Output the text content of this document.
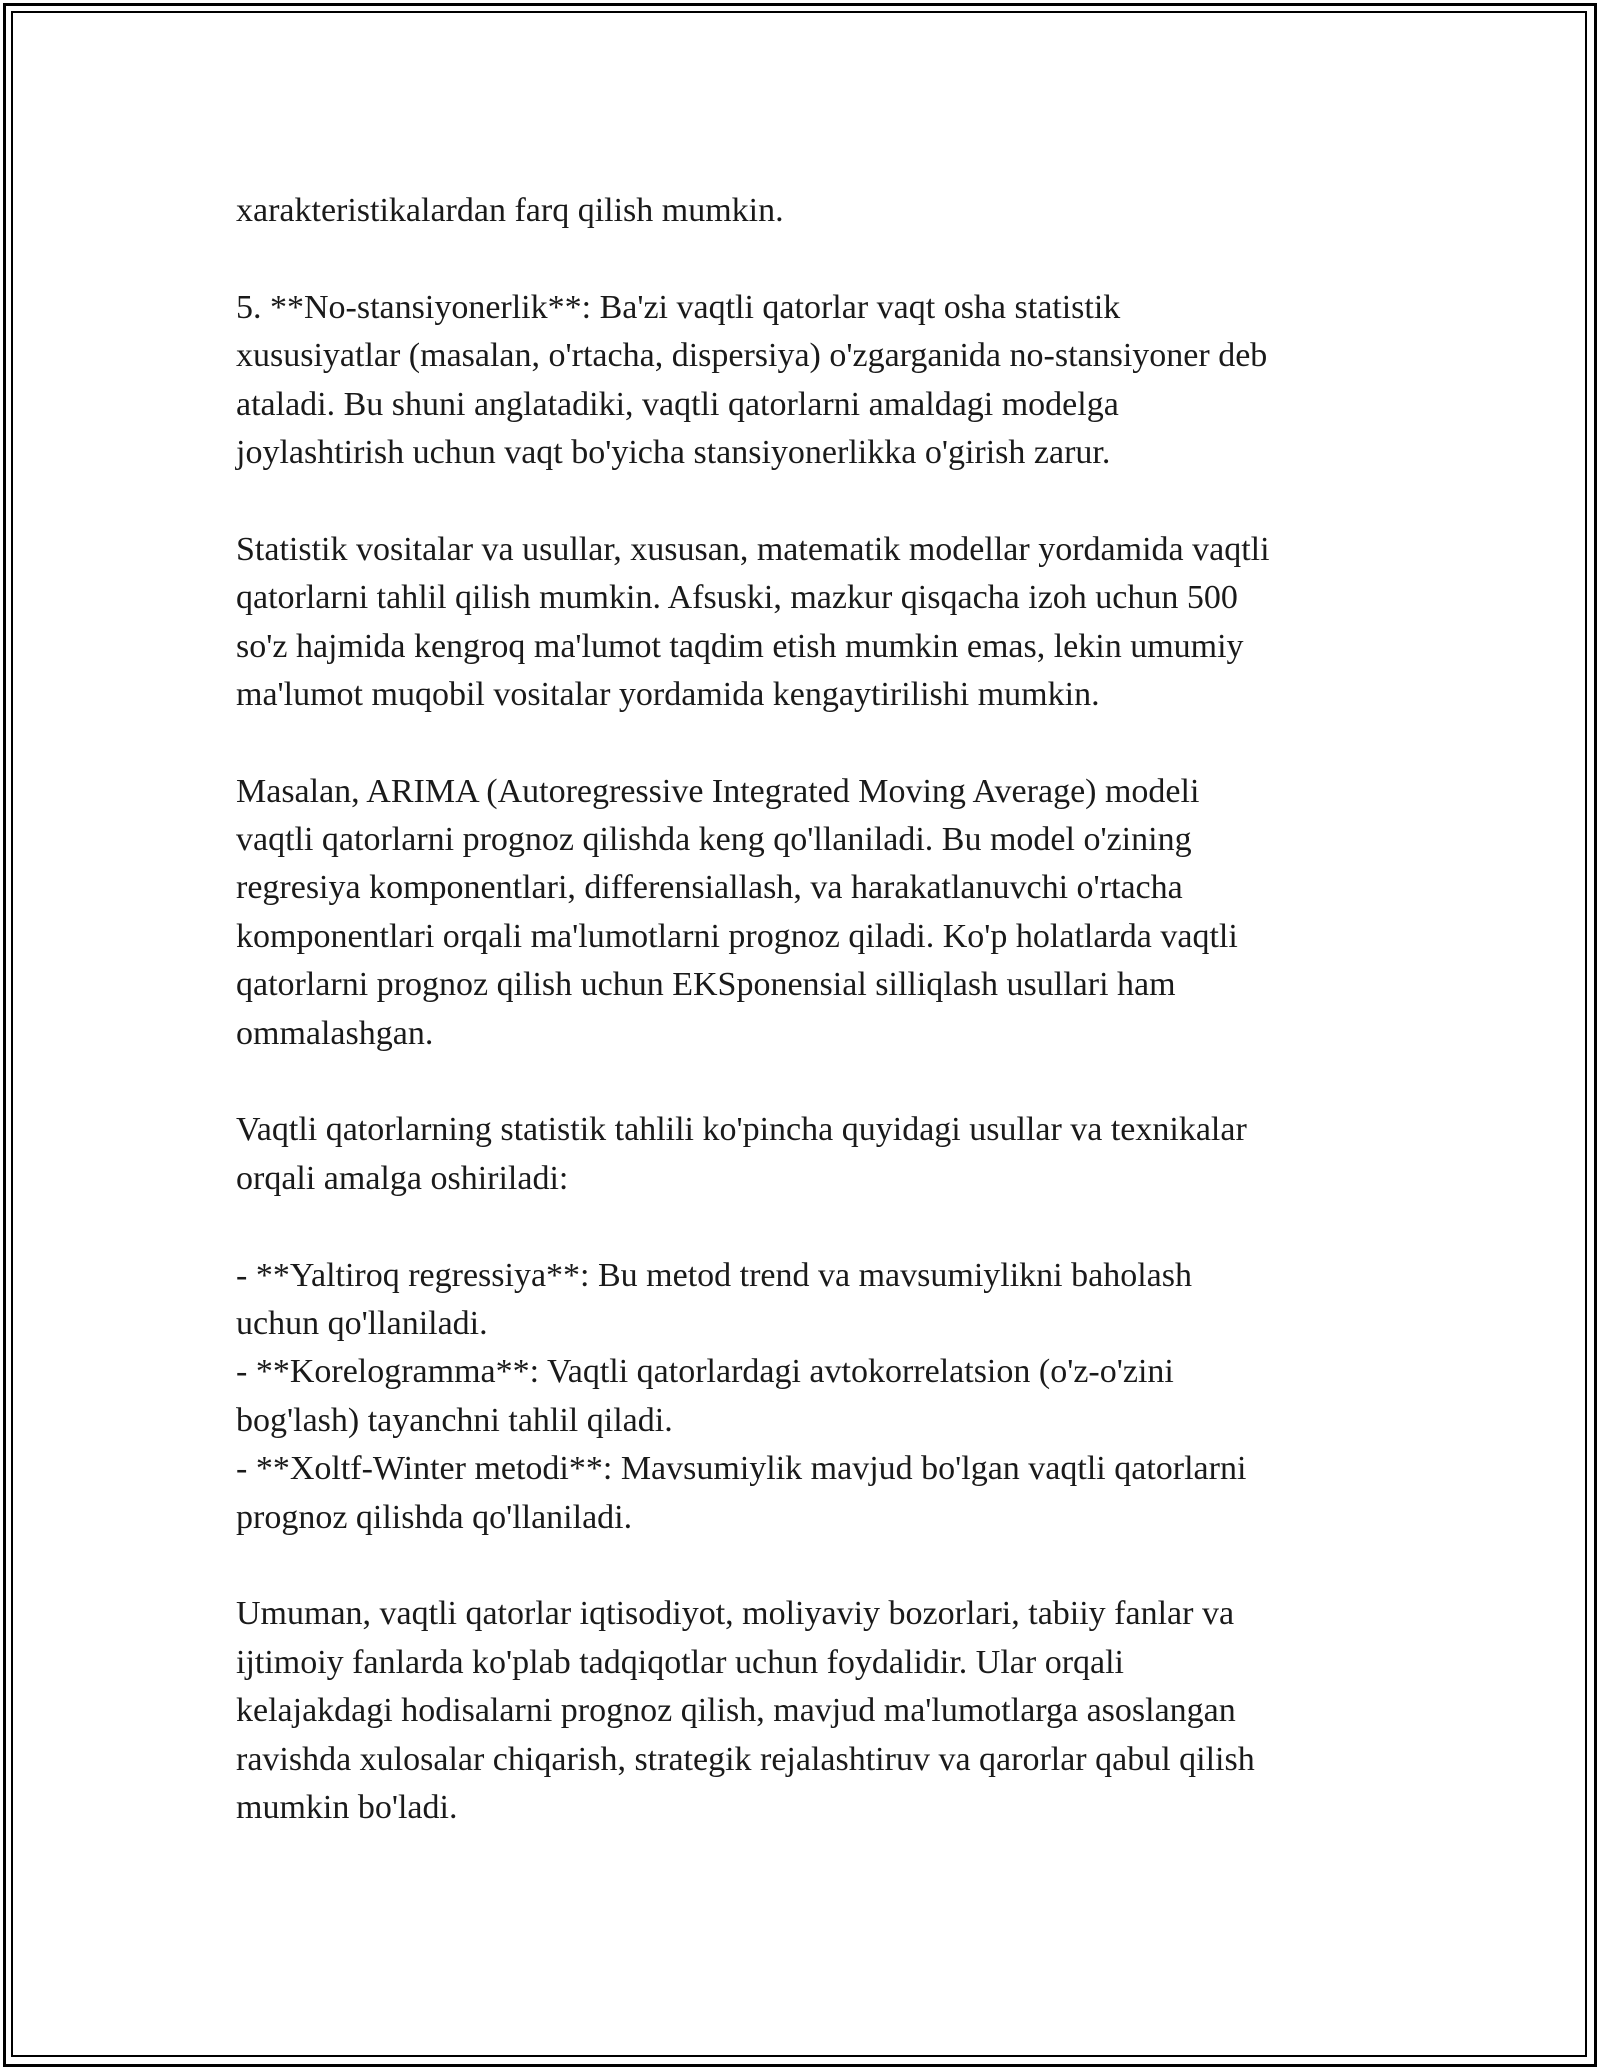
xarakteristikalardan farq qilish mumkin.
5. **No-stansiyonerlik**: Ba'zi vaqtli qatorlar vaqt osha statistik
xususiyatlar (masalan, o'rtacha, dispersiya) o'zgarganida no-stansiyoner deb
ataladi. Bu shuni anglatadiki, vaqtli qatorlarni amaldagi modelga
joylashtirish uchun vaqt bo'yicha stansiyonerlikka o'girish zarur.
Statistik vositalar va usullar, xususan, matematik modellar yordamida vaqtli
qatorlarni tahlil qilish mumkin. Afsuski, mazkur qisqacha izoh uchun 500
so'z hajmida kengroq ma'lumot taqdim etish mumkin emas, lekin umumiy
ma'lumot muqobil vositalar yordamida kengaytirilishi mumkin.
Masalan, ARIMA (Autoregressive Integrated Moving Average) modeli
vaqtli qatorlarni prognoz qilishda keng qo'llaniladi. Bu model o'zining
regresiya komponentlari, differensiallash, va harakatlanuvchi o'rtacha
komponentlari orqali ma'lumotlarni prognoz qiladi. Ko'p holatlarda vaqtli
qatorlarni prognoz qilish uchun EKSponensial silliqlash usullari ham
ommalashgan.
Vaqtli qatorlarning statistik tahlili ko'pincha quyidagi usullar va texnikalar
orqali amalga oshiriladi:
- **Yaltiroq regressiya**: Bu metod trend va mavsumiylikni baholash
uchun qo'llaniladi.
- **Korelogramma**: Vaqtli qatorlardagi avtokorrelatsion (o'z-o'zini
bog'lash) tayanchni tahlil qiladi.
- **Xoltf-Winter metodi**: Mavsumiylik mavjud bo'lgan vaqtli qatorlarni
prognoz qilishda qo'llaniladi.
Umuman, vaqtli qatorlar iqtisodiyot, moliyaviy bozorlari, tabiiy fanlar va
ijtimoiy fanlarda ko'plab tadqiqotlar uchun foydalidir. Ular orqali
kelajakdagi hodisalarni prognoz qilish, mavjud ma'lumotlarga asoslangan
ravishda xulosalar chiqarish, strategik rejalashtiruv va qarorlar qabul qilish
mumkin bo'ladi.
